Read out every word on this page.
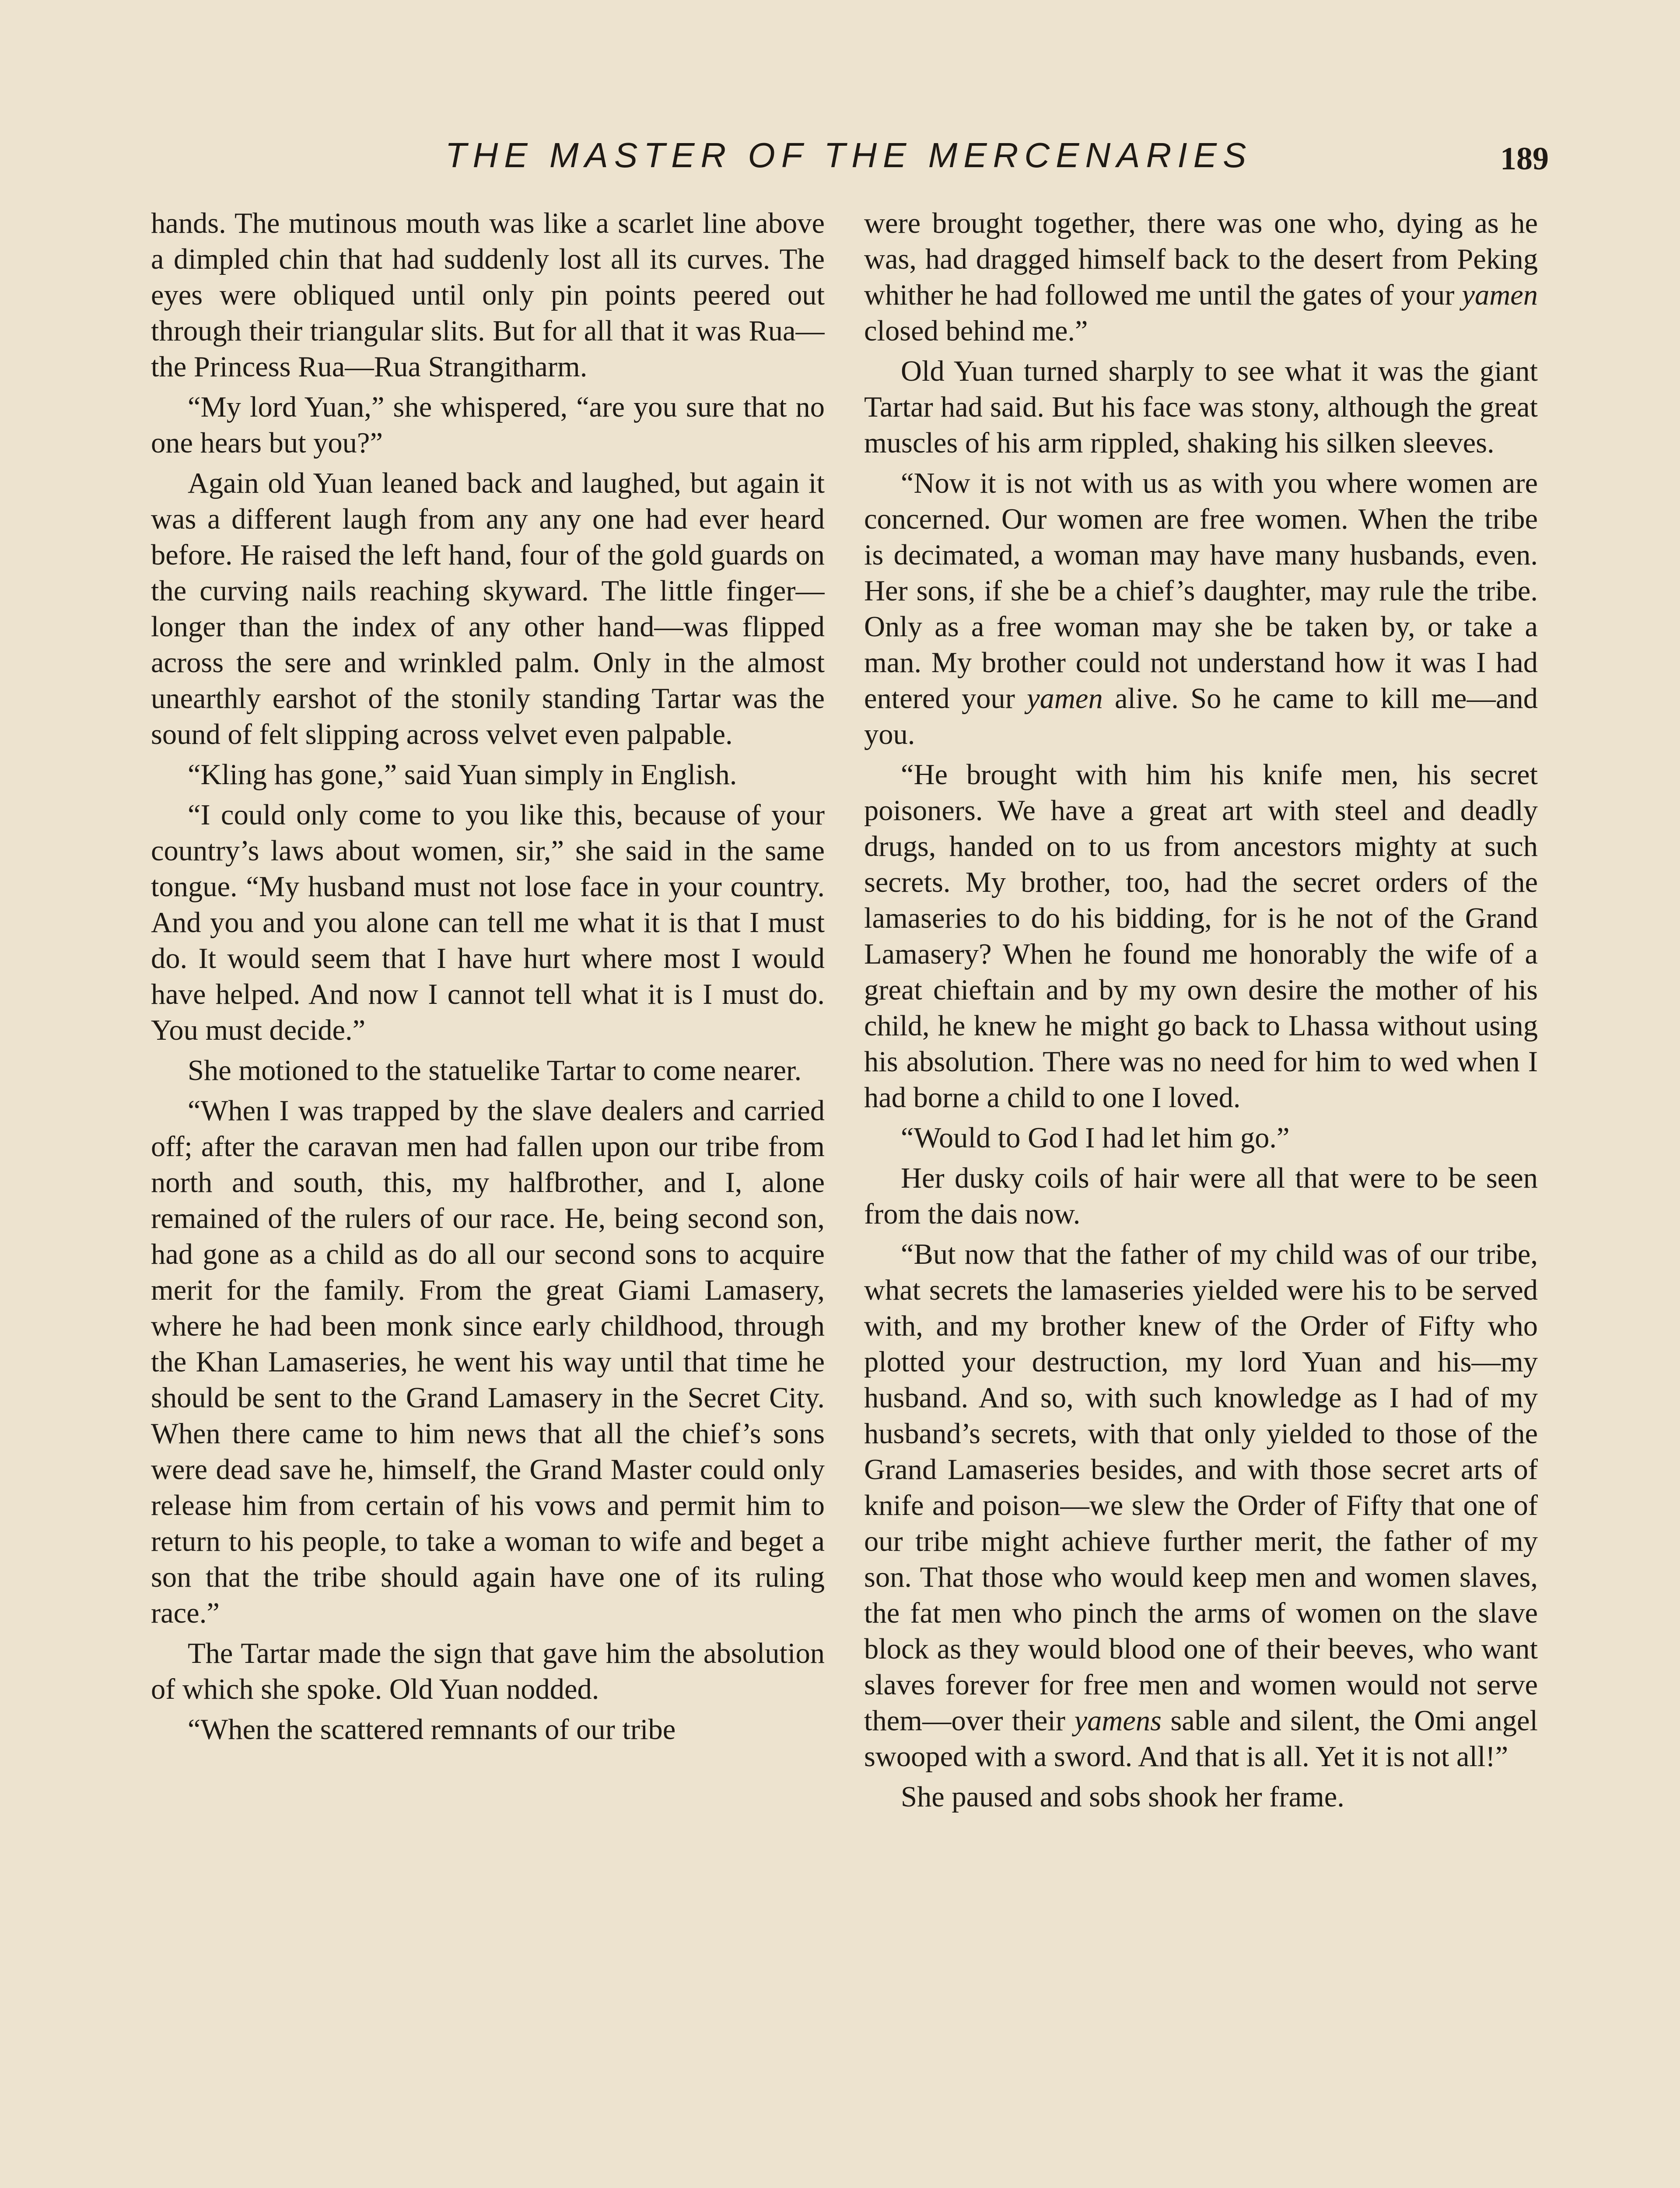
THE MASTER OF THE MERCENARIES	189

hands. The mutinous mouth was like a scarlet line above a dimpled chin that had suddenly lost all its curves. The eyes were obliqued until only pin points peered out through their triangular slits. But for all that it was Rua—the Princess Rua—Rua Strangitharm.

“My lord Yuan,” she whispered, “are you sure that no one hears but you?”

Again old Yuan leaned back and laughed, but again it was a different laugh from any any one had ever heard before. He raised the left hand, four of the gold guards on the curving nails reaching skyward. The little finger—longer than the index of any other hand—was flipped across the sere and wrinkled palm. Only in the almost unearthly earshot of the stonily standing Tartar was the sound of felt slipping across velvet even palpable.

“Kling has gone,” said Yuan simply in English.

“I could only come to you like this, because of your country’s laws about women, sir,” she said in the same tongue. “My husband must not lose face in your country. And you and you alone can tell me what it is that I must do. It would seem that I have hurt where most I would have helped. And now I cannot tell what it is I must do. You must decide.”

She motioned to the statuelike Tartar to come nearer.

“When I was trapped by the slave dealers and carried off; after the caravan men had fallen upon our tribe from north and south, this, my halfbrother, and I, alone remained of the rulers of our race. He, being second son, had gone as a child as do all our second sons to acquire merit for the family. From the great Giami Lamasery, where he had been monk since early childhood, through the Khan Lamaseries, he went his way until that time he should be sent to the Grand Lamasery in the Secret City. When there came to him news that all the chief’s sons were dead save he, himself, the Grand Master could only release him from certain of his vows and permit him to return to his people, to take a woman to wife and beget a son that the tribe should again have one of its ruling race.”

The Tartar made the sign that gave him the absolution of which she spoke. Old Yuan nodded.

“When the scattered remnants of our tribe

were brought together, there was one who, dying as he was, had dragged himself back to the desert from Peking whither he had followed me until the gates of your yamen closed behind me.”

Old Yuan turned sharply to see what it was the giant Tartar had said. But his face was stony, although the great muscles of his arm rippled, shaking his silken sleeves.

“Now it is not with us as with you where women are concerned. Our women are free women. When the tribe is decimated, a woman may have many husbands, even. Her sons, if she be a chief’s daughter, may rule the tribe. Only as a free woman may she be taken by, or take a man. My brother could not understand how it was I had entered your yamen alive. So he came to kill me—and you.

“He brought with him his knife men, his secret poisoners. We have a great art with steel and deadly drugs, handed on to us from ancestors mighty at such secrets. My brother, too, had the secret orders of the lamaseries to do his bidding, for is he not of the Grand Lamasery? When he found me honorably the wife of a great chieftain and by my own desire the mother of his child, he knew he might go back to Lhassa without using his absolution. There was no need for him to wed when I had borne a child to one I loved.

“Would to God I had let him go.”

Her dusky coils of hair were all that were to be seen from the dais now.

“But now that the father of my child was of our tribe, what secrets the lamaseries yielded were his to be served with, and my brother knew of the Order of Fifty who plotted your destruction, my lord Yuan and his—my husband. And so, with such knowledge as I had of my husband’s secrets, with that only yielded to those of the Grand Lamaseries besides, and with those secret arts of knife and poison—we slew the Order of Fifty that one of our tribe might achieve further merit, the father of my son. That those who would keep men and women slaves, the fat men who pinch the arms of women on the slave block as they would blood one of their beeves, who want slaves forever for free men and women would not serve them—over their yamens sable and silent, the Omi angel swooped with a sword. And that is all. Yet it is not all!”

She paused and sobs shook her frame.
